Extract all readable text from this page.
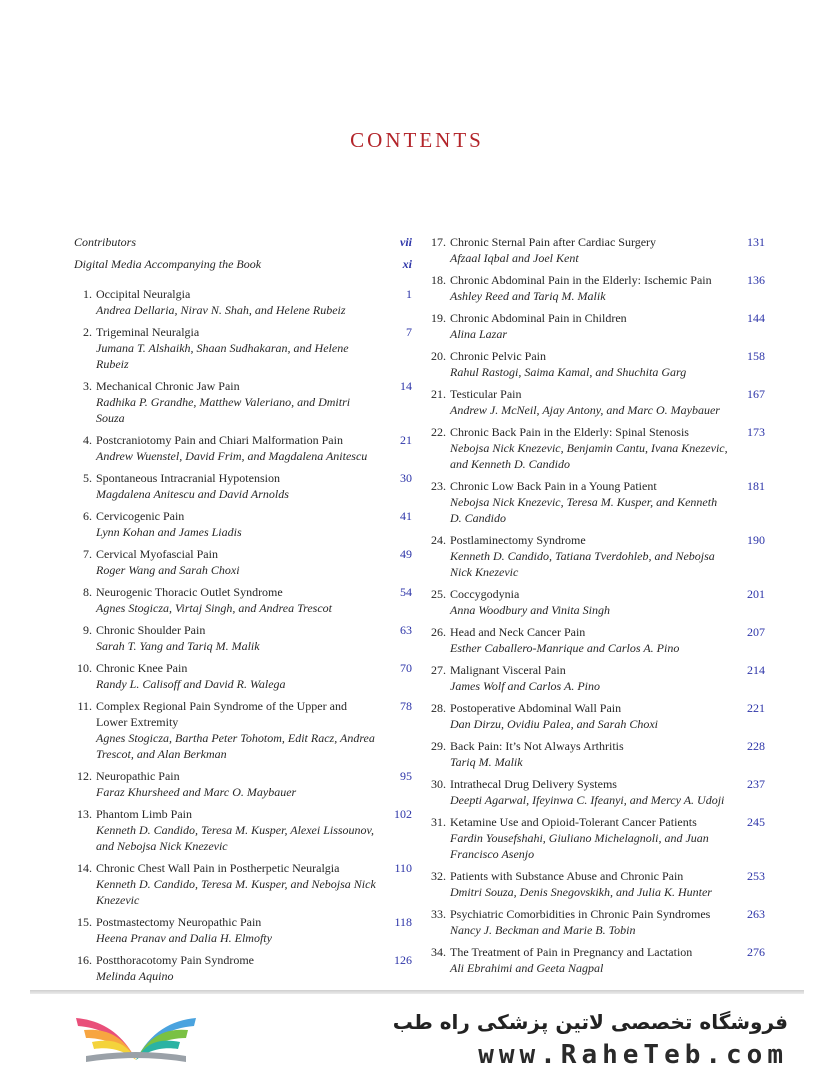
CONTENTS
Contributors	vii
Digital Media Accompanying the Book	xi
1. Occipital Neuralgia
Andrea Dellaria, Nirav N. Shah, and Helene Rubeiz
1
2. Trigeminal Neuralgia
Jumana T. Alshaikh, Shaan Sudhakaran, and Helene Rubeiz
7
3. Mechanical Chronic Jaw Pain
Radhika P. Grandhe, Matthew Valeriano, and Dmitri Souza
14
4. Postcraniotomy Pain and Chiari Malformation Pain
Andrew Wuenstel, David Frim, and Magdalena Anitescu
21
5. Spontaneous Intracranial Hypotension
Magdalena Anitescu and David Arnolds
30
6. Cervicogenic Pain
Lynn Kohan and James Liadis
41
7. Cervical Myofascial Pain
Roger Wang and Sarah Choxi
49
8. Neurogenic Thoracic Outlet Syndrome
Agnes Stogicza, Virtaj Singh, and Andrea Trescot
54
9. Chronic Shoulder Pain
Sarah T. Yang and Tariq M. Malik
63
10. Chronic Knee Pain
Randy L. Calisoff and David R. Walega
70
11. Complex Regional Pain Syndrome of the Upper and Lower Extremity
Agnes Stogicza, Bartha Peter Tohotom, Edit Racz, Andrea Trescot, and Alan Berkman
78
12. Neuropathic Pain
Faraz Khursheed and Marc O. Maybauer
95
13. Phantom Limb Pain
Kenneth D. Candido, Teresa M. Kusper, Alexei Lissounov, and Nebojsa Nick Knezevic
102
14. Chronic Chest Wall Pain in Postherpetic Neuralgia
Kenneth D. Candido, Teresa M. Kusper, and Nebojsa Nick Knezevic
110
15. Postmastectomy Neuropathic Pain
Heena Pranav and Dalia H. Elmofty
118
16. Postthoracotomy Pain Syndrome
Melinda Aquino
126
17. Chronic Sternal Pain after Cardiac Surgery
Afzaal Iqbal and Joel Kent
131
18. Chronic Abdominal Pain in the Elderly: Ischemic Pain
Ashley Reed and Tariq M. Malik
136
19. Chronic Abdominal Pain in Children
Alina Lazar
144
20. Chronic Pelvic Pain
Rahul Rastogi, Saima Kamal, and Shuchita Garg
158
21. Testicular Pain
Andrew J. McNeil, Ajay Antony, and Marc O. Maybauer
167
22. Chronic Back Pain in the Elderly: Spinal Stenosis
Nebojsa Nick Knezevic, Benjamin Cantu, Ivana Knezevic, and Kenneth D. Candido
173
23. Chronic Low Back Pain in a Young Patient
Nebojsa Nick Knezevic, Teresa M. Kusper, and Kenneth D. Candido
181
24. Postlaminectomy Syndrome
Kenneth D. Candido, Tatiana Tverdohleb, and Nebojsa Nick Knezevic
190
25. Coccygodynia
Anna Woodbury and Vinita Singh
201
26. Head and Neck Cancer Pain
Esther Caballero-Manrique and Carlos A. Pino
207
27. Malignant Visceral Pain
James Wolf and Carlos A. Pino
214
28. Postoperative Abdominal Wall Pain
Dan Dirzu, Ovidiu Palea, and Sarah Choxi
221
29. Back Pain: It’s Not Always Arthritis
Tariq M. Malik
228
30. Intrathecal Drug Delivery Systems
Deepti Agarwal, Ifeyinwa C. Ifeanyi, and Mercy A. Udoji
237
31. Ketamine Use and Opioid-Tolerant Cancer Patients
Fardin Yousefshahi, Giuliano Michelagnoli, and Juan Francisco Asenjo
245
32. Patients with Substance Abuse and Chronic Pain
Dmitri Souza, Denis Snegovskikh, and Julia K. Hunter
253
33. Psychiatric Comorbidities in Chronic Pain Syndromes
Nancy J. Beckman and Marie B. Tobin
263
34. The Treatment of Pain in Pregnancy and Lactation
Ali Ebrahimi and Geeta Nagpal
276
فروشگاه تخصصی لاتین پزشکی راه طب
www.RaheTeb.com
